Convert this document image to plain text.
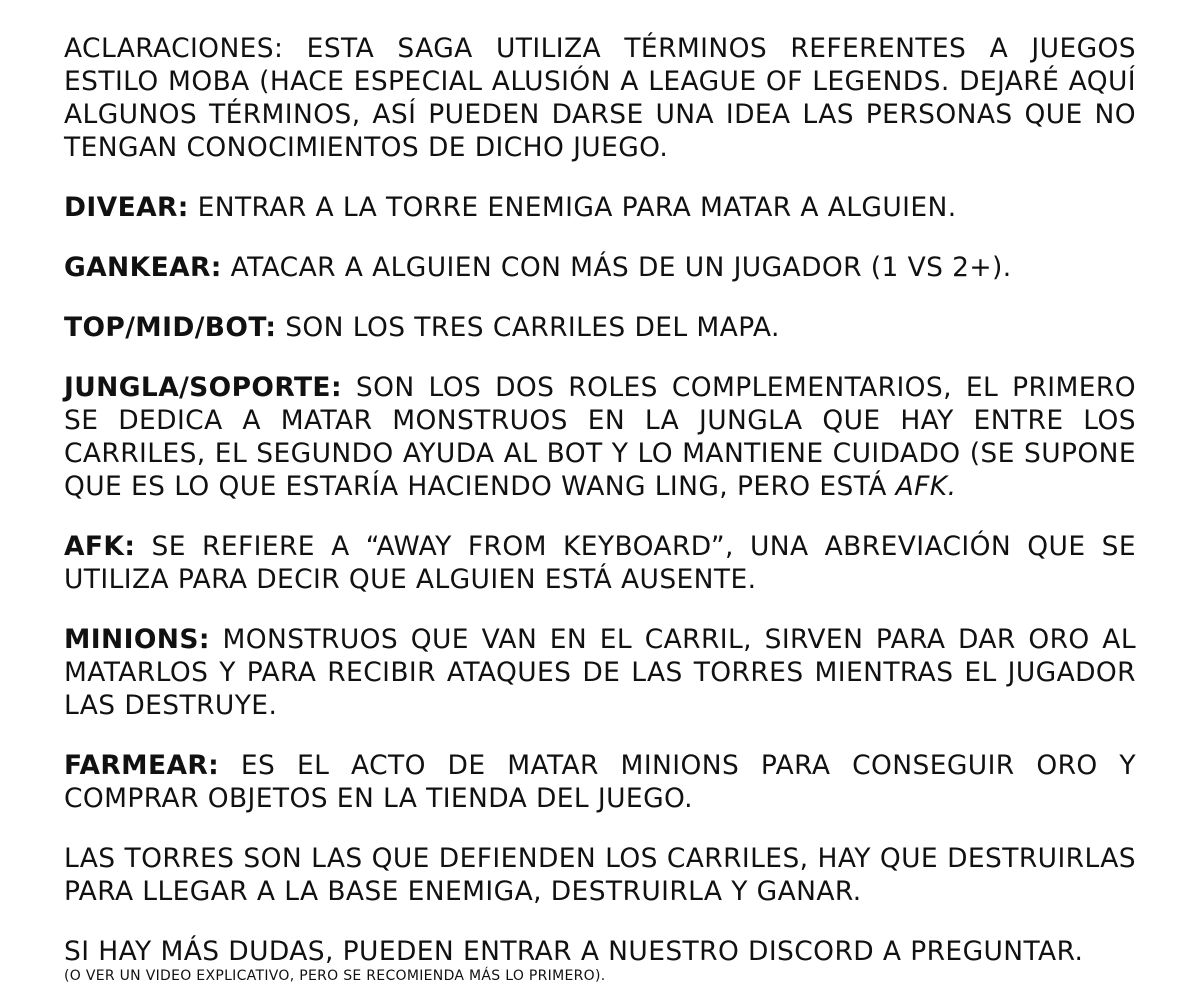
ACLARACIONES: ESTA SAGA UTILIZA TÉRMINOS REFERENTES A JUEGOS ESTILO MOBA (HACE ESPECIAL ALUSIÓN A LEAGUE OF LEGENDS. DEJARÉ AQUÍ ALGUNOS TÉRMINOS, ASÍ PUEDEN DARSE UNA IDEA LAS PERSONAS QUE NO TENGAN CONOCIMIENTOS DE DICHO JUEGO.

DIVEAR: ENTRAR A LA TORRE ENEMIGA PARA MATAR A ALGUIEN.

GANKEAR: ATACAR A ALGUIEN CON MÁS DE UN JUGADOR (1 VS 2+).

TOP/MID/BOT: SON LOS TRES CARRILES DEL MAPA.

JUNGLA/SOPORTE: SON LOS DOS ROLES COMPLEMENTARIOS, EL PRIMERO SE DEDICA A MATAR MONSTRUOS EN LA JUNGLA QUE HAY ENTRE LOS CARRILES, EL SEGUNDO AYUDA AL BOT Y LO MANTIENE CUIDADO (SE SUPONE QUE ES LO QUE ESTARÍA HACIENDO WANG LING, PERO ESTÁ AFK.

AFK: SE REFIERE A “AWAY FROM KEYBOARD”, UNA ABREVIACIÓN QUE SE UTILIZA PARA DECIR QUE ALGUIEN ESTÁ AUSENTE.

MINIONS: MONSTRUOS QUE VAN EN EL CARRIL, SIRVEN PARA DAR ORO AL MATARLOS Y PARA RECIBIR ATAQUES DE LAS TORRES MIENTRAS EL JUGADOR LAS DESTRUYE.

FARMEAR: ES EL ACTO DE MATAR MINIONS PARA CONSEGUIR ORO Y COMPRAR OBJETOS EN LA TIENDA DEL JUEGO.

LAS TORRES SON LAS QUE DEFIENDEN LOS CARRILES, HAY QUE DESTRUIRLAS PARA LLEGAR A LA BASE ENEMIGA, DESTRUIRLA Y GANAR.

SI HAY MÁS DUDAS, PUEDEN ENTRAR A NUESTRO DISCORD A PREGUNTAR.

(O VER UN VIDEO EXPLICATIVO, PERO SE RECOMIENDA MÁS LO PRIMERO).
